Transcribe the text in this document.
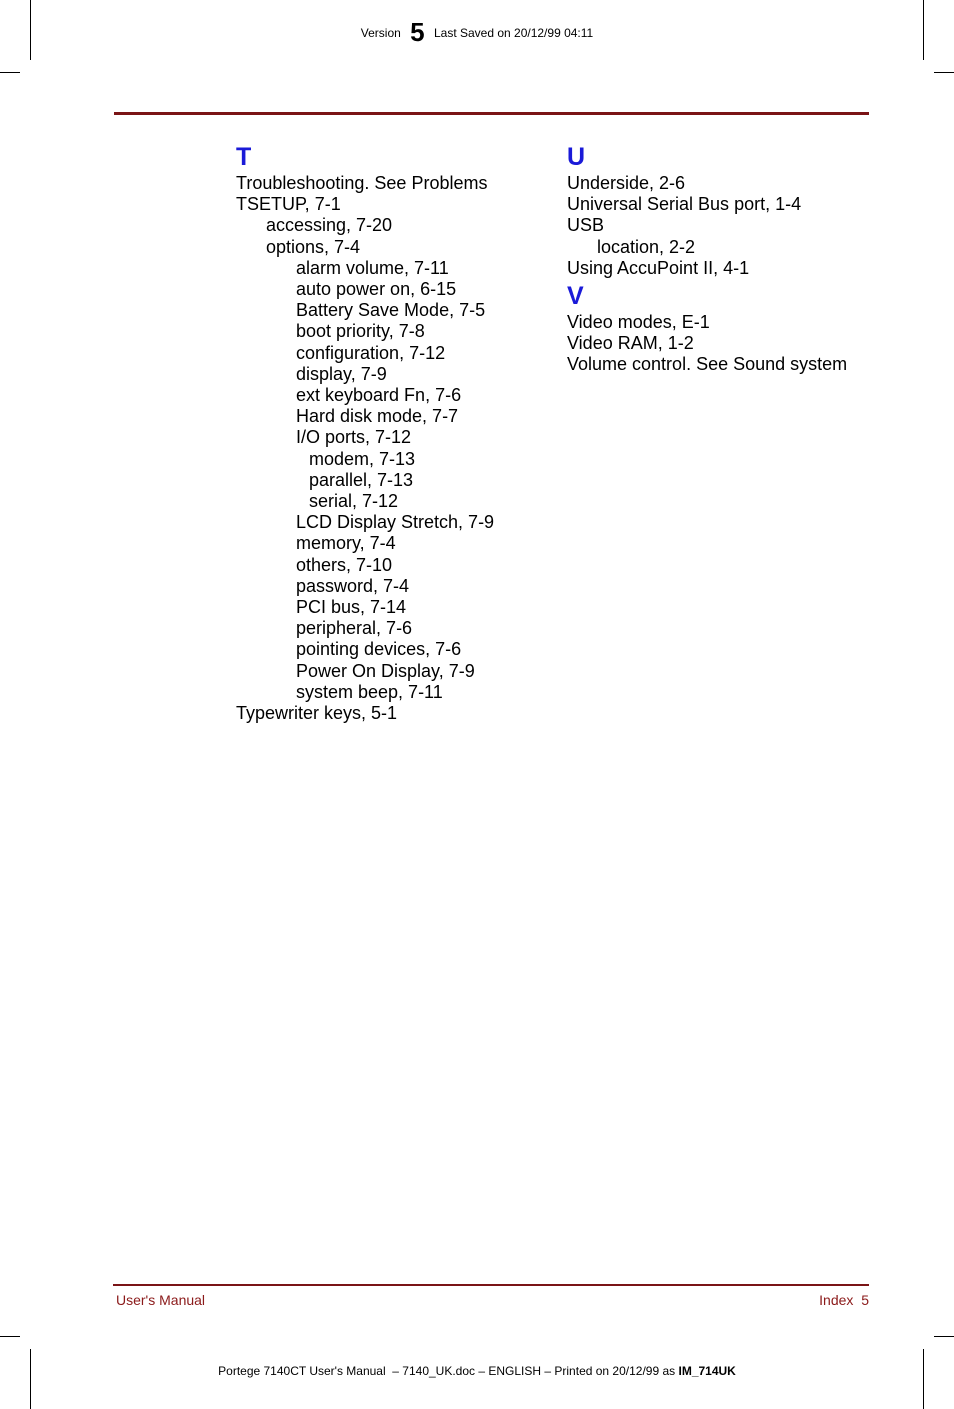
Version 5 Last Saved on 20/12/99 04:11
T
Troubleshooting. See Problems
TSETUP, 7-1
accessing, 7-20
options, 7-4
alarm volume, 7-11
auto power on, 6-15
Battery Save Mode, 7-5
boot priority, 7-8
configuration, 7-12
display, 7-9
ext keyboard Fn, 7-6
Hard disk mode, 7-7
I/O ports, 7-12
modem, 7-13
parallel, 7-13
serial, 7-12
LCD Display Stretch, 7-9
memory, 7-4
others, 7-10
password, 7-4
PCI bus, 7-14
peripheral, 7-6
pointing devices, 7-6
Power On Display, 7-9
system beep, 7-11
Typewriter keys, 5-1
U
Underside, 2-6
Universal Serial Bus port, 1-4
USB
location, 2-2
Using AccuPoint II, 4-1
V
Video modes, E-1
Video RAM, 1-2
Volume control. See Sound system
User's Manual	Index  5
Portege 7140CT User's Manual  – 7140_UK.doc – ENGLISH – Printed on 20/12/99 as IM_714UK
